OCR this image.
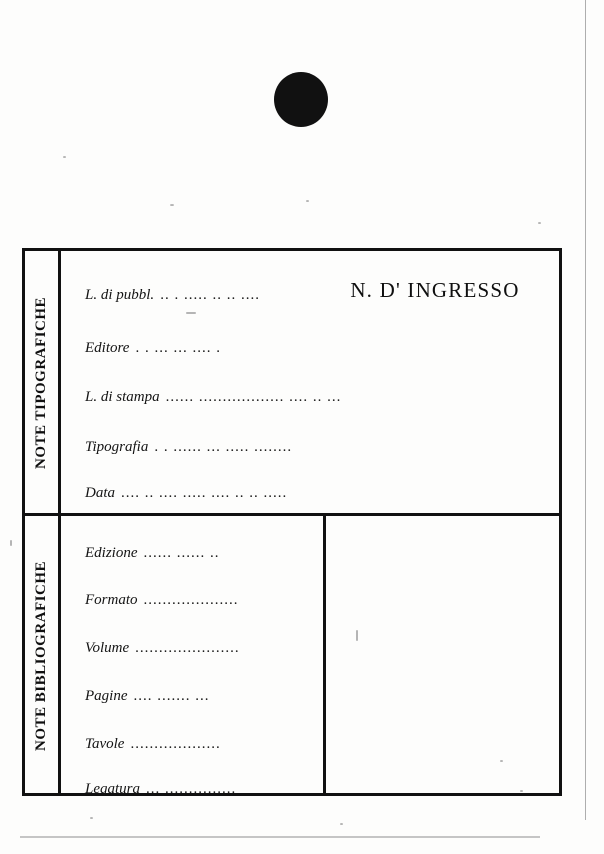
NOTE TIPOGRAFICHE
NOTE BIBLIOGRAFICHE
L. di pubbl. .. . ..... .. .. ....
Editore . . ... ... .... .
L. di stampa ...... .................. .... .. ...
Tipografia . . ...... ... ..... ........
Data .... .. .... ..... .... .. .. .....
Edizione ...... ...... ..
Formato ....................
Volume ......................
Pagine .... ....... ...
Tavole ...................
Legatura ... ...............
N. D' INGRESSO
